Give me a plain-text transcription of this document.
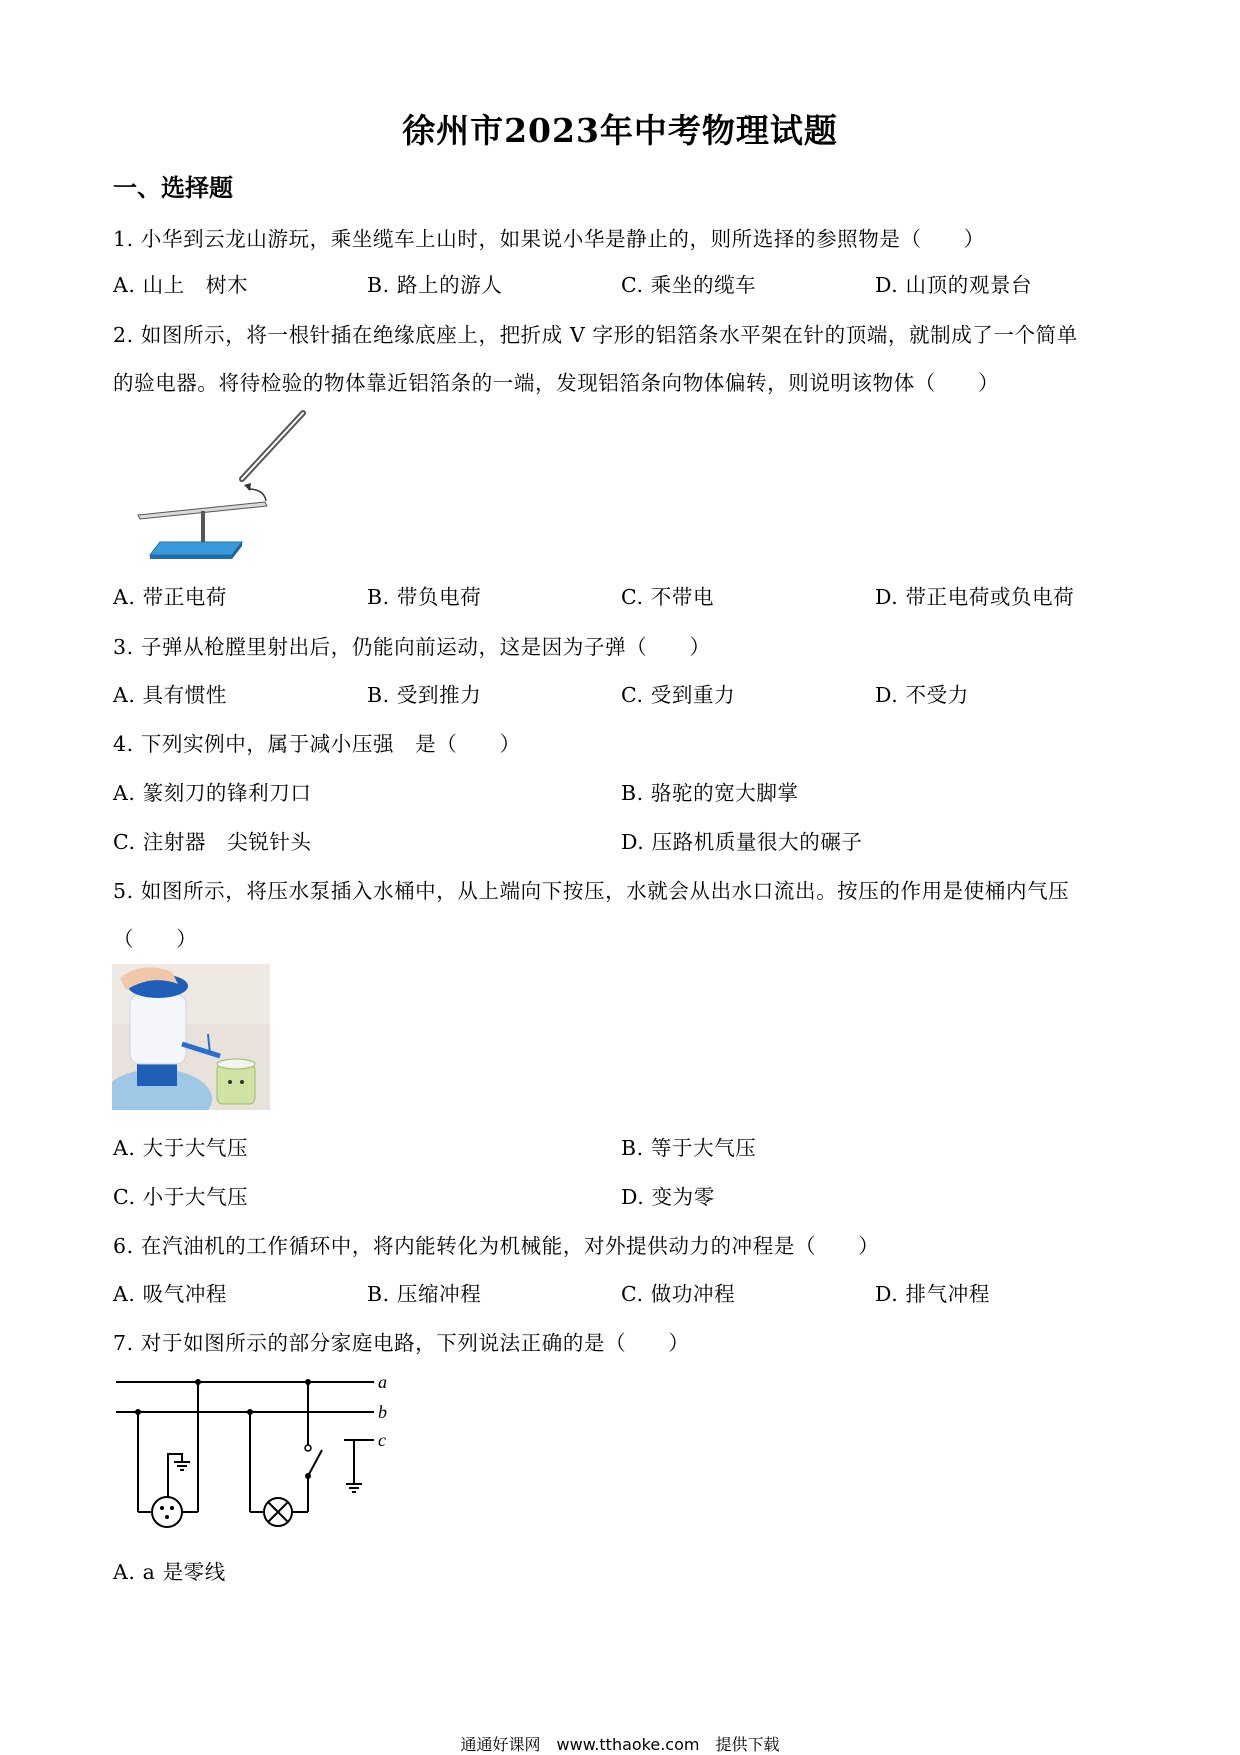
徐州市2023年中考物理试题
一、选择题
1. 小华到云龙山游玩，乘坐缆车上山时，如果说小华是静止的，则所选择的参照物是（　　）
A. 山上　树木	B. 路上的游人	C. 乘坐的缆车	D. 山顶的观景台
2. 如图所示，将一根针插在绝缘底座上，把折成 V 字形的铝箔条水平架在针的顶端，就制成了一个简单
的验电器。将待检验的物体靠近铝箔条的一端，发现铝箔条向物体偏转，则说明该物体（　　）
A. 带正电荷	B. 带负电荷	C. 不带电	D. 带正电荷或负电荷
3. 子弹从枪膛里射出后，仍能向前运动，这是因为子弹（　　）
A. 具有惯性	B. 受到推力	C. 受到重力	D. 不受力
4. 下列实例中，属于减小压强　是（　　）
A. 篆刻刀的锋利刀口	B. 骆驼的宽大脚掌
C. 注射器　尖锐针头	D. 压路机质量很大的碾子
5. 如图所示，将压水泵插入水桶中，从上端向下按压，水就会从出水口流出。按压的作用是使桶内气压
（　　）
A. 大于大气压	B. 等于大气压
C. 小于大气压	D. 变为零
6. 在汽油机的工作循环中，将内能转化为机械能，对外提供动力的冲程是（　　）
A. 吸气冲程	B. 压缩冲程	C. 做功冲程	D. 排气冲程
7. 对于如图所示的部分家庭电路，下列说法正确的是（　　）
a
b
c
A. a 是零线
通通好课网　www.tthaoke.com　提供下载
